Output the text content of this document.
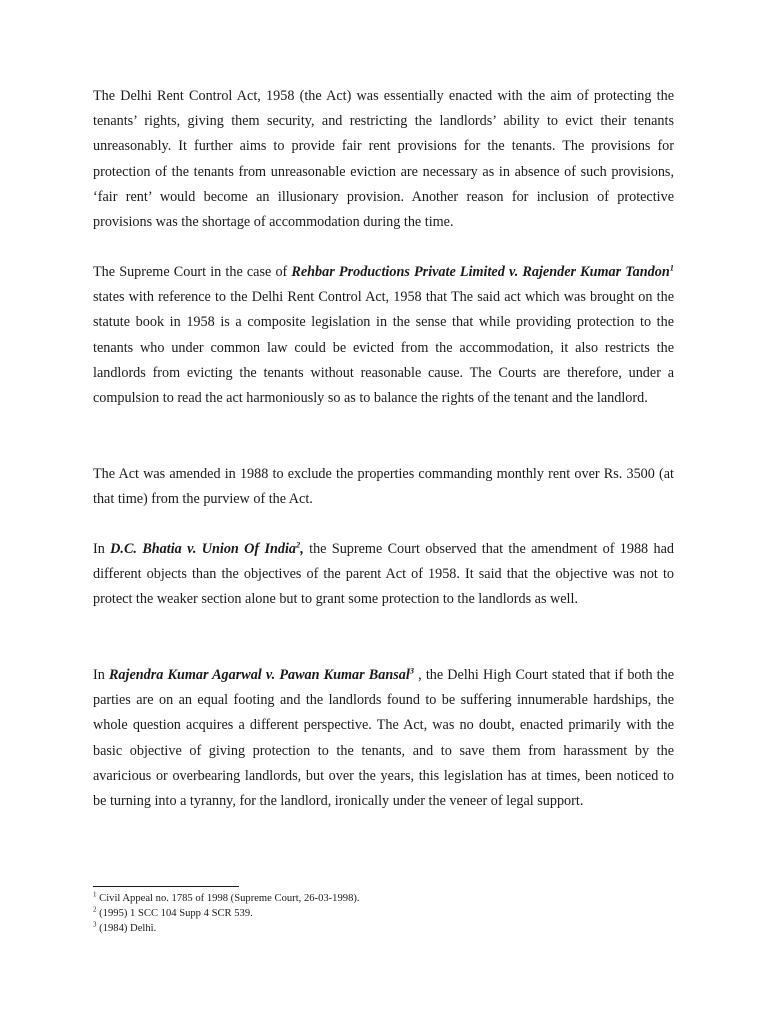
The Delhi Rent Control Act, 1958 (the Act) was essentially enacted with the aim of protecting the tenants’ rights, giving them security, and restricting the landlords’ ability to evict their tenants unreasonably. It further aims to provide fair rent provisions for the tenants. The provisions for protection of the tenants from unreasonable eviction are necessary as in absence of such provisions, ‘fair rent’ would become an illusionary provision. Another reason for inclusion of protective provisions was the shortage of accommodation during the time.

The Supreme Court in the case of Rehbar Productions Private Limited v. Rajender Kumar Tandon$^1$ states with reference to the Delhi Rent Control Act, 1958 that The said act which was brought on the statute book in 1958 is a composite legislation in the sense that while providing protection to the tenants who under common law could be evicted from the accommodation, it also restricts the landlords from evicting the tenants without reasonable cause. The Courts are therefore, under a compulsion to read the act harmoniously so as to balance the rights of the tenant and the landlord.

The Act was amended in 1988 to exclude the properties commanding monthly rent over Rs. 3500 (at that time) from the purview of the Act.

In D.C. Bhatia v. Union Of India$^2$, the Supreme Court observed that the amendment of 1988 had different objects than the objectives of the parent Act of 1958. It said that the objective was not to protect the weaker section alone but to grant some protection to the landlords as well.

In Rajendra Kumar Agarwal v. Pawan Kumar Bansal$^3$ , the Delhi High Court stated that if both the parties are on an equal footing and the landlords found to be suffering innumerable hardships, the whole question acquires a different perspective. The Act, was no doubt, enacted primarily with the basic objective of giving protection to the tenants, and to save them from harassment by the avaricious or overbearing landlords, but over the years, this legislation has at times, been noticed to be turning into a tyranny, for the landlord, ironically under the veneer of legal support.

$^1$ Civil Appeal no. 1785 of 1998 (Supreme Court, 26-03-1998).
$^2$ (1995) 1 SCC 104 Supp 4 SCR 539.
$^3$ (1984) Delhi.
